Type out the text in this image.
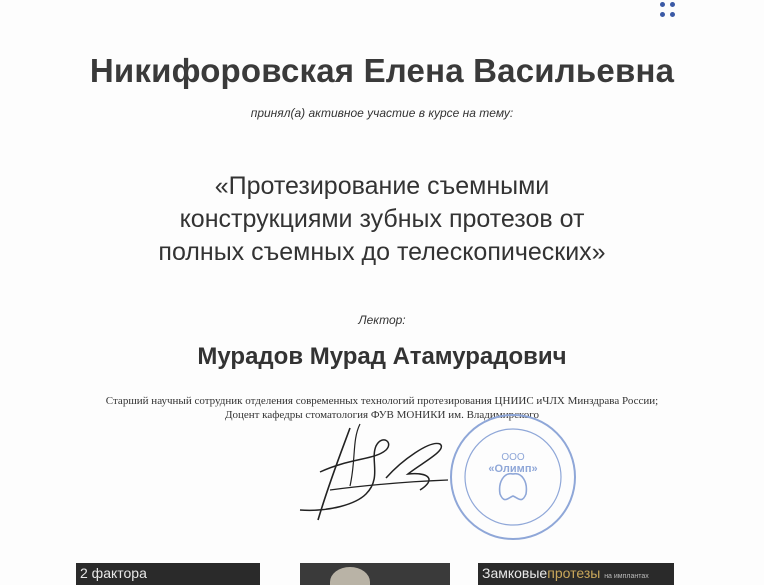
Никифоровская Елена Васильевна
принял(а) активное участие в курсе на тему:
«Протезирование съемными
конструкциями зубных протезов от
полных съемных до телескопических»
Лектор:
Мурадов Мурад Атамурадович
Старший научный сотрудник отделения современных технологий протезирования ЦНИИС иЧЛХ Минздрава России;
Доцент кафедры стоматология ФУВ МОНИКИ им. Владимирского
ООО
«Олимп»
2 фактора	Замковыепротезы на имплантах
